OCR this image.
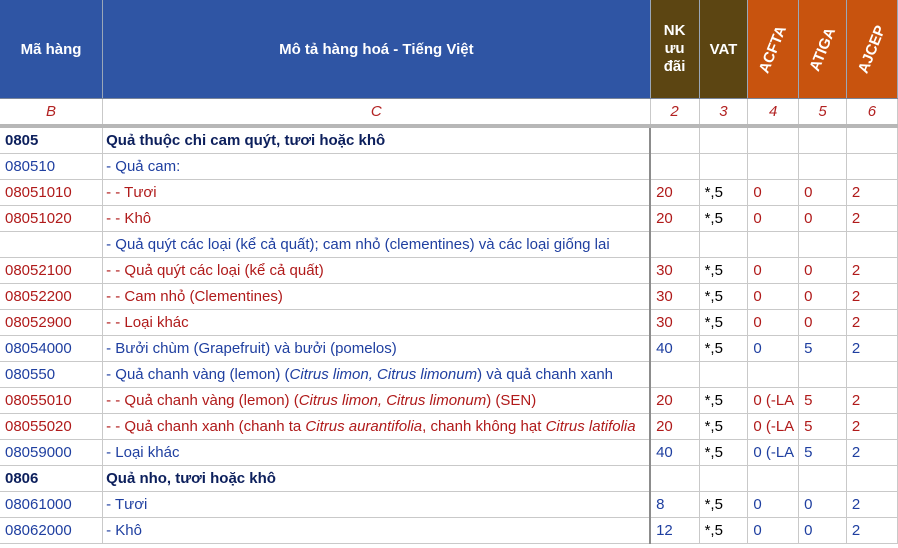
Mã hàng	Mô tả hàng hoá - Tiếng Việt	NK ưu đãi	VAT	ACFTA	ATIGA	AJCEP
B	C	2	3	4	5	6
0805	Quả thuộc chi cam quýt, tươi hoặc khô					
080510	- Quả cam:					
08051010	- - Tươi	20	*,5	0	0	2
08051020	- - Khô	20	*,5	0	0	2
	- Quả quýt các loại (kể cả quất); cam nhỏ (clementines) và các loại giống lai					
08052100	- - Quả quýt các loại (kể cả quất)	30	*,5	0	0	2
08052200	- - Cam nhỏ (Clementines)	30	*,5	0	0	2
08052900	- - Loại khác	30	*,5	0	0	2
08054000	- Bưởi chùm (Grapefruit) và bưởi (pomelos)	40	*,5	0	5	2
080550	- Quả chanh vàng (lemon) (Citrus limon, Citrus limonum) và quả chanh xanh					
08055010	- - Quả chanh vàng (lemon) (Citrus limon, Citrus limonum) (SEN)	20	*,5	0 (-LA	5	2
08055020	- - Quả chanh xanh (chanh ta Citrus aurantifolia, chanh không hạt Citrus latifolia	20	*,5	0 (-LA	5	2
08059000	- Loại khác	40	*,5	0 (-LA	5	2
0806	Quả nho, tươi hoặc khô					
08061000	- Tươi	8	*,5	0	0	2
08062000	- Khô	12	*,5	0	0	2
